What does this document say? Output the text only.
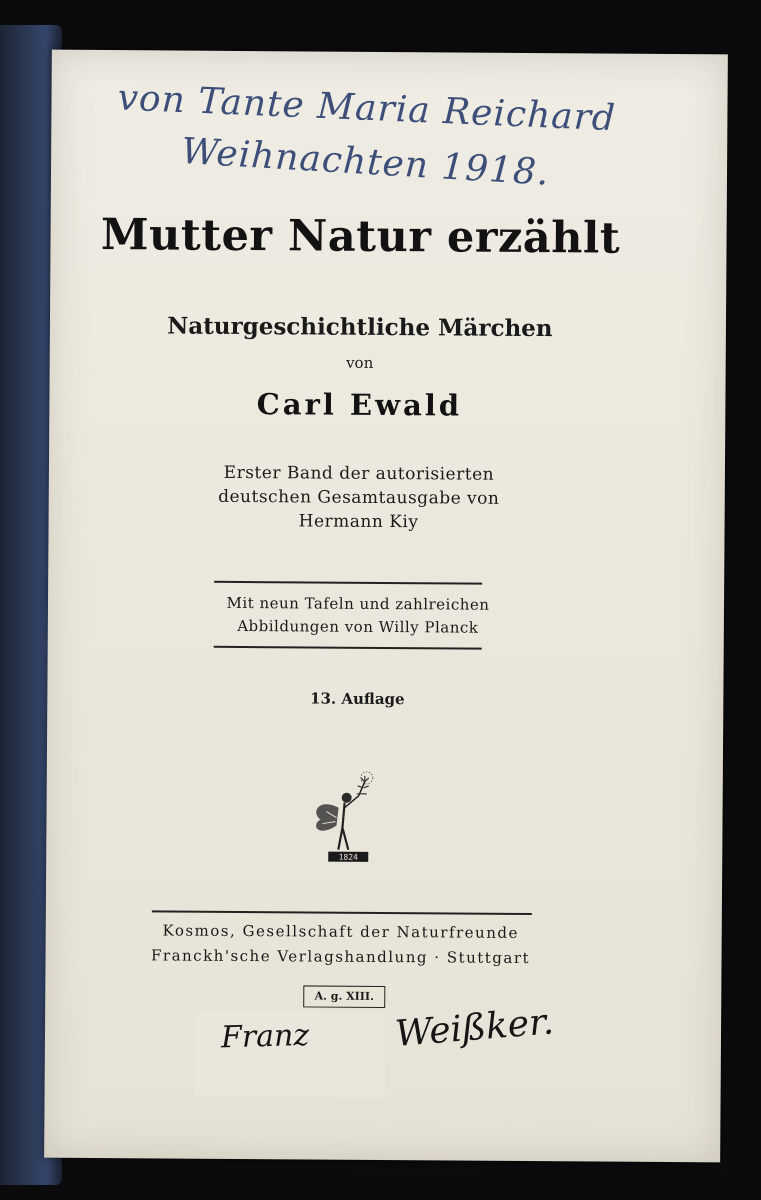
von Tante Maria Reichard
Weihnachten 1918.
Mutter Natur erzählt
Naturgeschichtliche Märchen
von
Carl Ewald
Erster Band der autorisierten
deutschen Gesamtausgabe von
Hermann Kiy
Mit neun Tafeln und zahlreichen
Abbildungen von Willy Planck
13. Auflage
1824
Kosmos, Gesellschaft der Naturfreunde
Franckh'sche Verlagshandlung · Stuttgart
A. g. XIII.
Franz Weißker.
